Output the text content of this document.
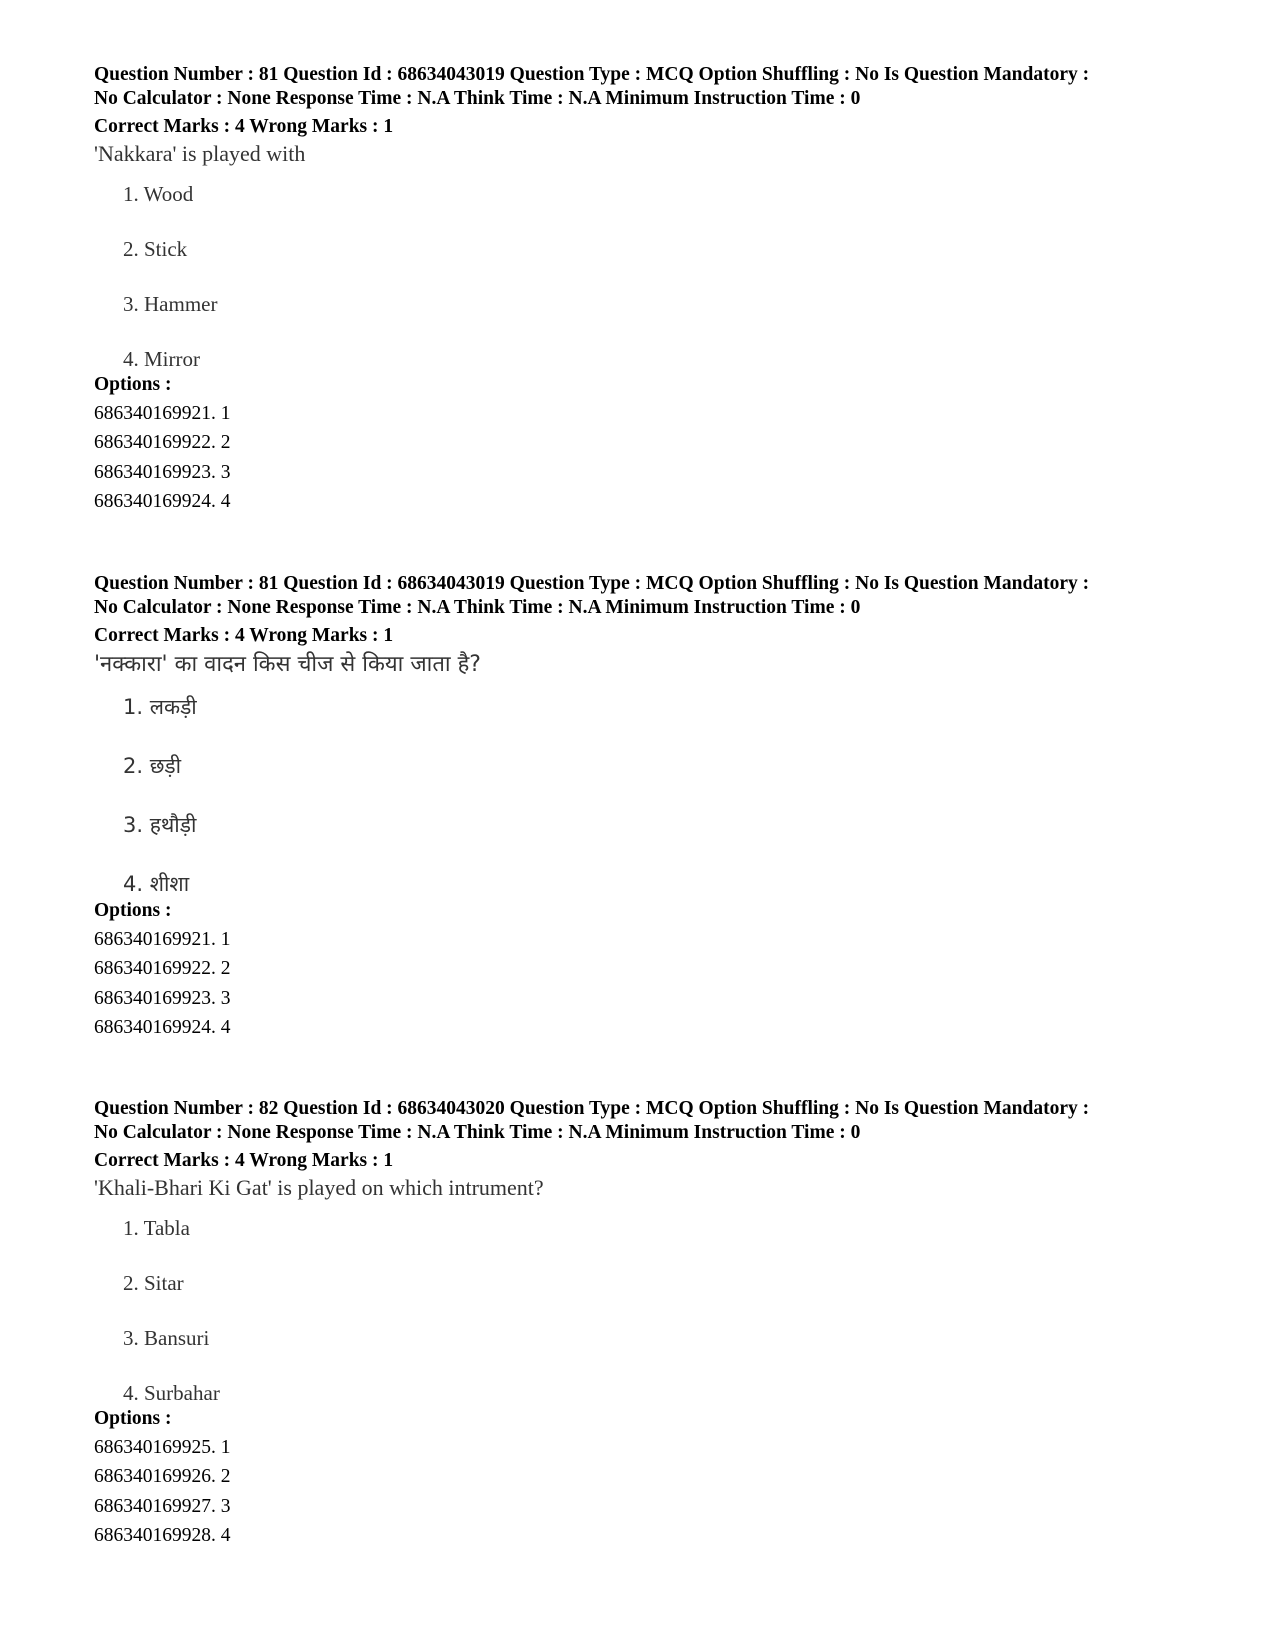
Question Number : 81 Question Id : 68634043019 Question Type : MCQ Option Shuffling : No Is Question Mandatory :
No Calculator : None Response Time : N.A Think Time : N.A Minimum Instruction Time : 0
Correct Marks : 4 Wrong Marks : 1
'Nakkara' is played with
1. Wood
2. Stick
3. Hammer
4. Mirror
Options :
686340169921. 1
686340169922. 2
686340169923. 3
686340169924. 4
Question Number : 81 Question Id : 68634043019 Question Type : MCQ Option Shuffling : No Is Question Mandatory :
No Calculator : None Response Time : N.A Think Time : N.A Minimum Instruction Time : 0
Correct Marks : 4 Wrong Marks : 1
'नक्कारा' का वादन किस चीज से किया जाता है?
1. लकड़ी
2. छड़ी
3. हथौड़ी
4. शीशा
Options :
686340169921. 1
686340169922. 2
686340169923. 3
686340169924. 4
Question Number : 82 Question Id : 68634043020 Question Type : MCQ Option Shuffling : No Is Question Mandatory :
No Calculator : None Response Time : N.A Think Time : N.A Minimum Instruction Time : 0
Correct Marks : 4 Wrong Marks : 1
'Khali-Bhari Ki Gat' is played on which intrument?
1. Tabla
2. Sitar
3. Bansuri
4. Surbahar
Options :
686340169925. 1
686340169926. 2
686340169927. 3
686340169928. 4
